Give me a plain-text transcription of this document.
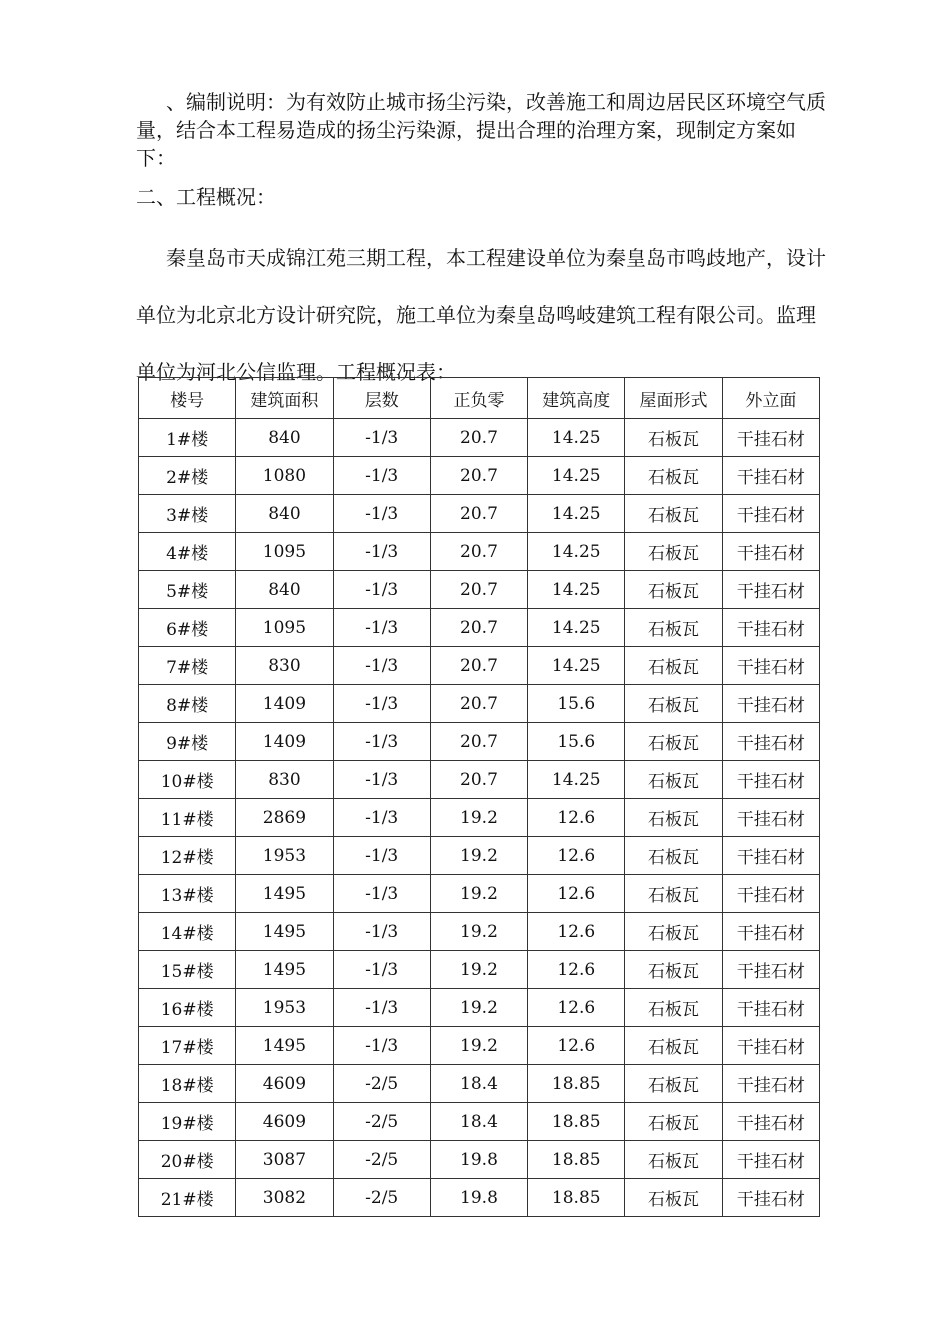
、编制说明：为有效防止城市扬尘污染，改善施工和周边居民区环境空气质量，结合本工程易造成的扬尘污染源，提出合理的治理方案，现制定方案如下：
二、工程概况：
秦皇岛市天成锦江苑三期工程，本工程建设单位为秦皇岛市鸣歧地产，设计单位为北京北方设计研究院，施工单位为秦皇岛鸣岐建筑工程有限公司。监理单位为河北公信监理。工程概况表：
楼号	建筑面积	层数	正负零	建筑高度	屋面形式	外立面
1#楼	840	-1/3	20.7	14.25	石板瓦	干挂石材
2#楼	1080	-1/3	20.7	14.25	石板瓦	干挂石材
3#楼	840	-1/3	20.7	14.25	石板瓦	干挂石材
4#楼	1095	-1/3	20.7	14.25	石板瓦	干挂石材
5#楼	840	-1/3	20.7	14.25	石板瓦	干挂石材
6#楼	1095	-1/3	20.7	14.25	石板瓦	干挂石材
7#楼	830	-1/3	20.7	14.25	石板瓦	干挂石材
8#楼	1409	-1/3	20.7	15.6	石板瓦	干挂石材
9#楼	1409	-1/3	20.7	15.6	石板瓦	干挂石材
10#楼	830	-1/3	20.7	14.25	石板瓦	干挂石材
11#楼	2869	-1/3	19.2	12.6	石板瓦	干挂石材
12#楼	1953	-1/3	19.2	12.6	石板瓦	干挂石材
13#楼	1495	-1/3	19.2	12.6	石板瓦	干挂石材
14#楼	1495	-1/3	19.2	12.6	石板瓦	干挂石材
15#楼	1495	-1/3	19.2	12.6	石板瓦	干挂石材
16#楼	1953	-1/3	19.2	12.6	石板瓦	干挂石材
17#楼	1495	-1/3	19.2	12.6	石板瓦	干挂石材
18#楼	4609	-2/5	18.4	18.85	石板瓦	干挂石材
19#楼	4609	-2/5	18.4	18.85	石板瓦	干挂石材
20#楼	3087	-2/5	19.8	18.85	石板瓦	干挂石材
21#楼	3082	-2/5	19.8	18.85	石板瓦	干挂石材
